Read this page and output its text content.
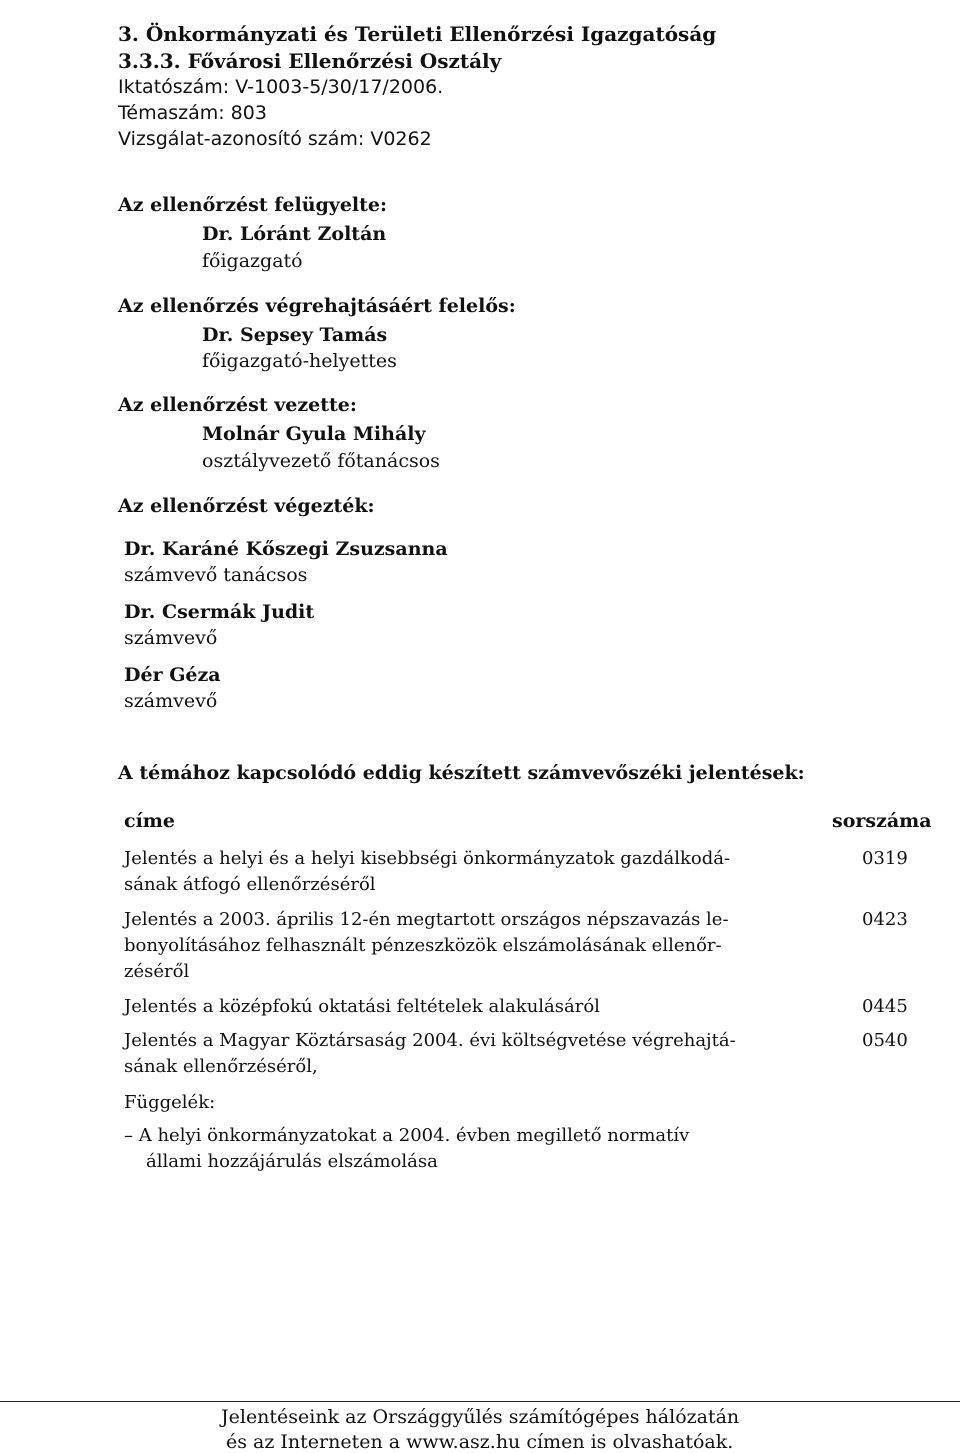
3. Önkormányzati és Területi Ellenőrzési Igazgatóság
3.3.3. Fővárosi Ellenőrzési Osztály
Iktatószám: V-1003-5/30/17/2006.
Témaszám: 803
Vizsgálat-azonosító szám: V0262
Az ellenőrzést felügyelte:
Dr. Lóránt Zoltán
főigazgató
Az ellenőrzés végrehajtásáért felelős:
Dr. Sepsey Tamás
főigazgató-helyettes
Az ellenőrzést vezette:
Molnár Gyula Mihály
osztályvezető főtanácsos
Az ellenőrzést végezték:
Dr. Karáné Kőszegi Zsuzsanna
számvevő tanácsos
Dr. Csermák Judit
számvevő
Dér Géza
számvevő
A témához kapcsolódó eddig készített számvevőszéki jelentések:
címe	sorszáma
Jelentés a helyi és a helyi kisebbségi önkormányzatok gazdálkodá-
sának átfogó ellenőrzéséről
0319
Jelentés a 2003. április 12-én megtartott országos népszavazás le-
bonyolításához felhasznált pénzeszközök elszámolásának ellenőr-
zéséről
0423
Jelentés a középfokú oktatási feltételek alakulásáról	0445
Jelentés a Magyar Köztársaság 2004. évi költségvetése végrehajtá-
sának ellenőrzéséről,
0540
Függelék:
– A helyi önkormányzatokat a 2004. évben megillető normatív
állami hozzájárulás elszámolása
Jelentéseink az Országgyűlés számítógépes hálózatán
és az Interneten a www.asz.hu címen is olvashatóak.
